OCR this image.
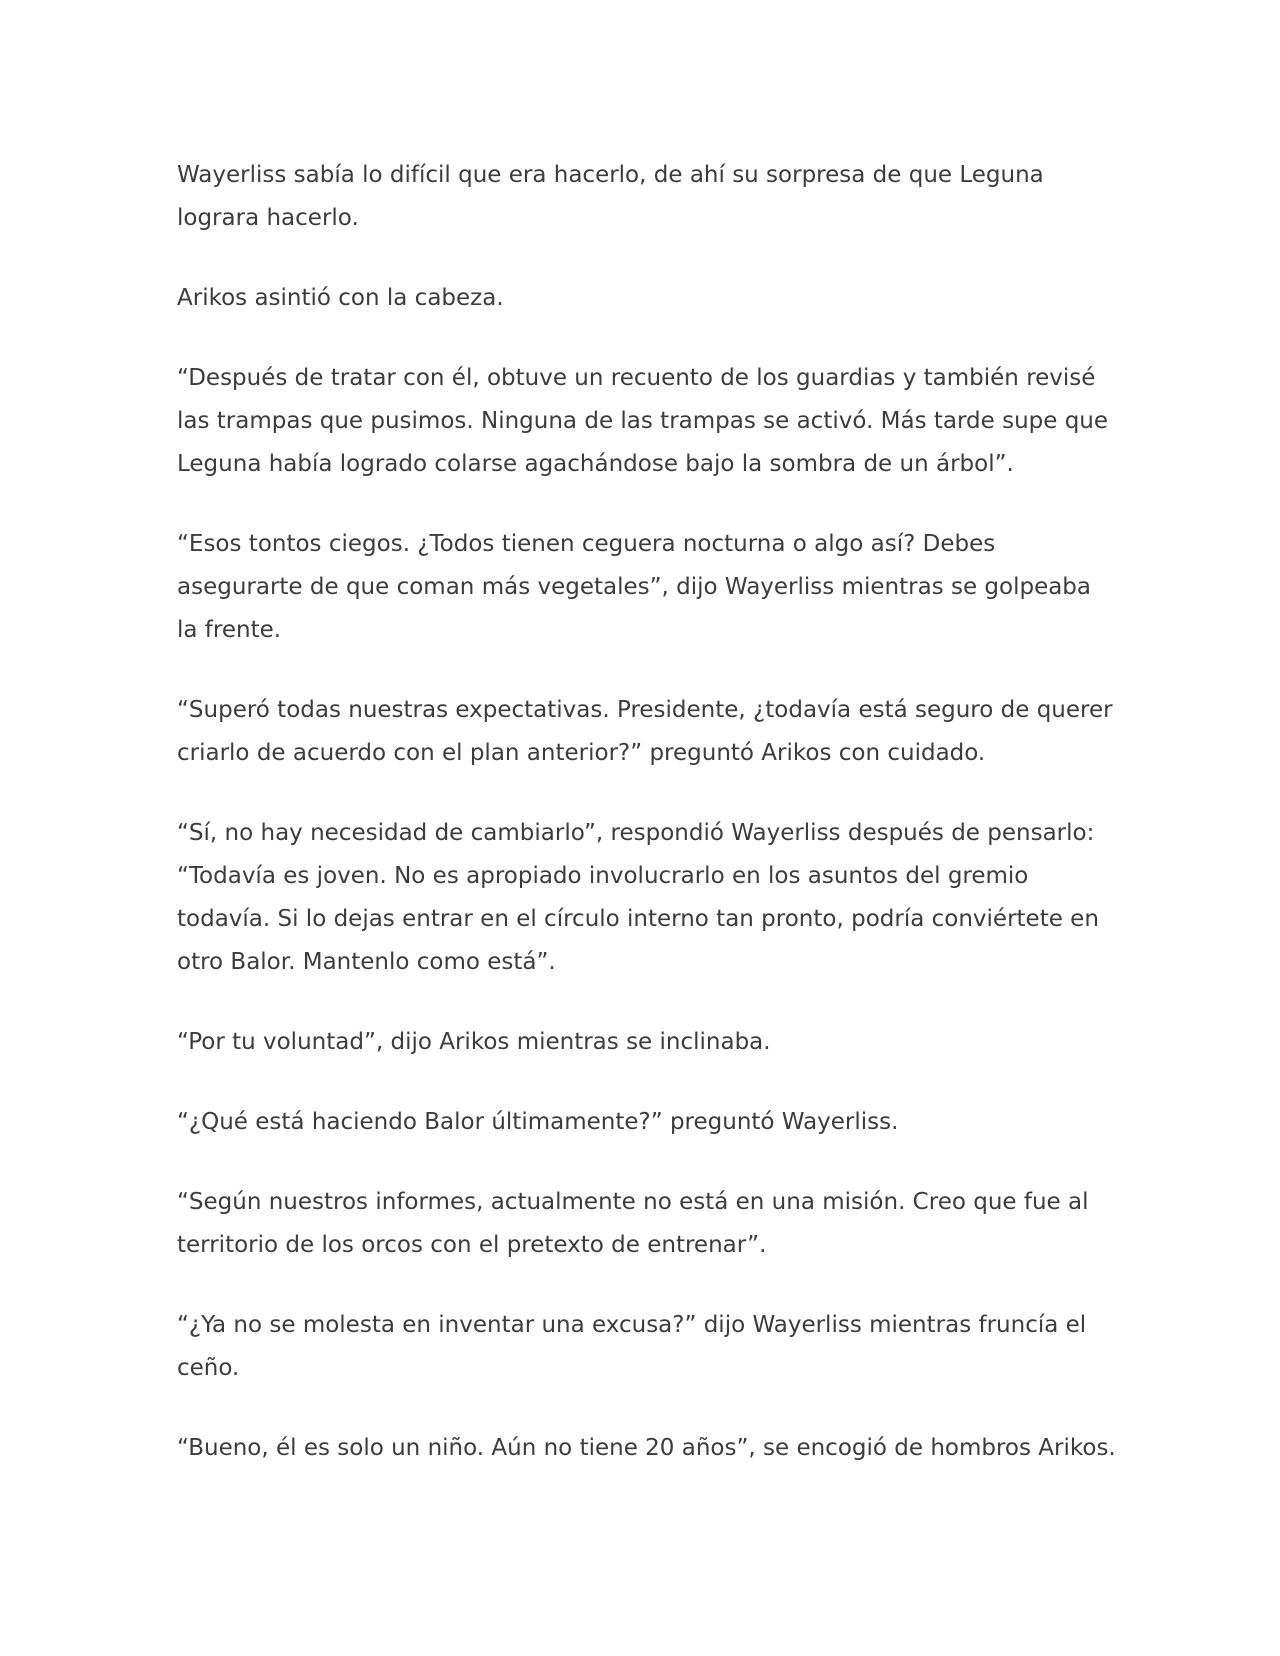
Wayerliss sabía lo difícil que era hacerlo, de ahí su sorpresa de que Leguna lograra hacerlo.

Arikos asintió con la cabeza.

“Después de tratar con él, obtuve un recuento de los guardias y también revisé las trampas que pusimos. Ninguna de las trampas se activó. Más tarde supe que Leguna había logrado colarse agachándose bajo la sombra de un árbol”.

“Esos tontos ciegos. ¿Todos tienen ceguera nocturna o algo así? Debes asegurarte de que coman más vegetales”, dijo Wayerliss mientras se golpeaba la frente.

“Superó todas nuestras expectativas. Presidente, ¿todavía está seguro de querer criarlo de acuerdo con el plan anterior?” preguntó Arikos con cuidado.

“Sí, no hay necesidad de cambiarlo”, respondió Wayerliss después de pensarlo: “Todavía es joven. No es apropiado involucrarlo en los asuntos del gremio todavía. Si lo dejas entrar en el círculo interno tan pronto, podría conviértete en otro Balor. Mantenlo como está”.

“Por tu voluntad”, dijo Arikos mientras se inclinaba.

“¿Qué está haciendo Balor últimamente?” preguntó Wayerliss.

“Según nuestros informes, actualmente no está en una misión. Creo que fue al territorio de los orcos con el pretexto de entrenar”.

“¿Ya no se molesta en inventar una excusa?” dijo Wayerliss mientras fruncía el ceño.

“Bueno, él es solo un niño. Aún no tiene 20 años”, se encogió de hombros Arikos.
